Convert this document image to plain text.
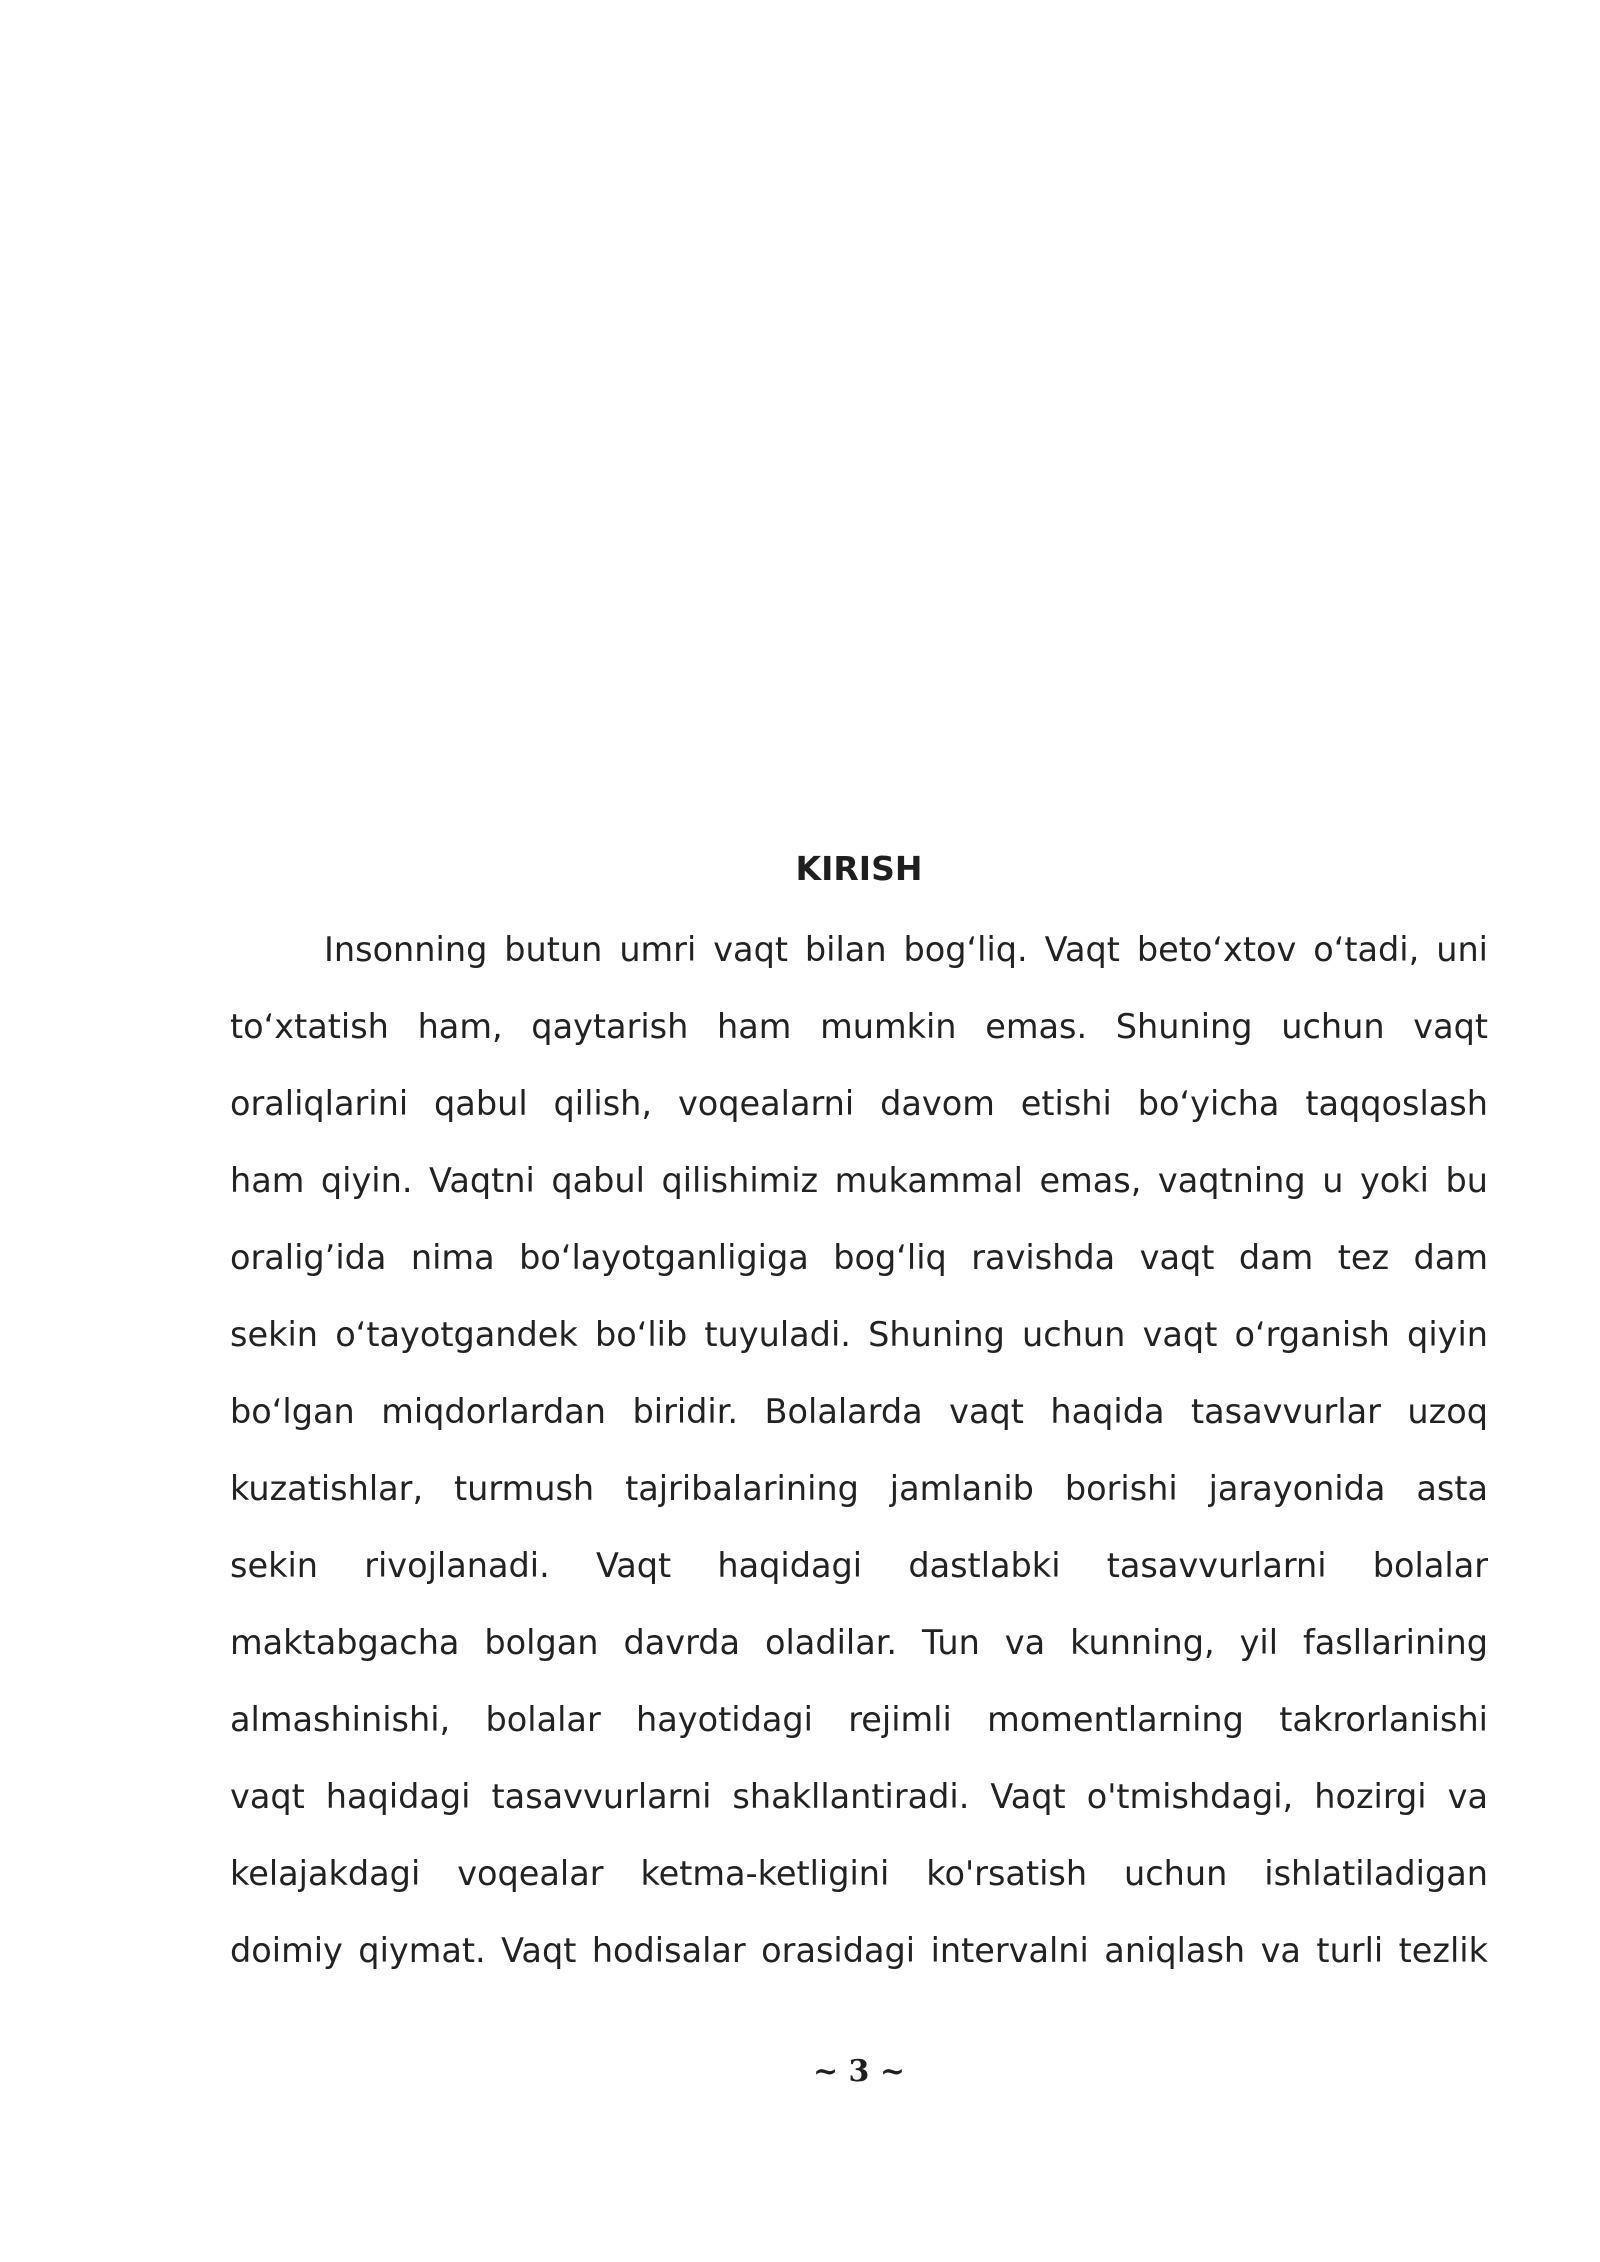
KIRISH
Insonning butun umri vaqt bilan bog‘liq. Vaqt beto‘xtov o‘tadi, uni
to‘xtatish ham, qaytarish ham mumkin emas. Shuning uchun vaqt
oraliqlarini qabul qilish, voqealarni davom etishi bo‘yicha taqqoslash
ham qiyin. Vaqtni qabul qilishimiz mukammal emas, vaqtning u yoki bu
oralig’ida nima bo‘layotganligiga bog‘liq ravishda vaqt dam tez dam
sekin o‘tayotgandek bo‘lib tuyuladi. Shuning uchun vaqt o‘rganish qiyin
bo‘lgan miqdorlardan biridir. Bolalarda vaqt haqida tasavvurlar uzoq
kuzatishlar, turmush tajribalarining jamlanib borishi jarayonida asta
sekin rivojlanadi. Vaqt haqidagi dastlabki tasavvurlarni bolalar
maktabgacha bolgan davrda oladilar. Tun va kunning, yil fasllarining
almashinishi, bolalar hayotidagi rejimli momentlarning takrorlanishi
vaqt haqidagi tasavvurlarni shakllantiradi. Vaqt o'tmishdagi, hozirgi va
kelajakdagi voqealar ketma-ketligini ko'rsatish uchun ishlatiladigan
doimiy qiymat. Vaqt hodisalar orasidagi intervalni aniqlash va turli tezlik
~ 3 ~
